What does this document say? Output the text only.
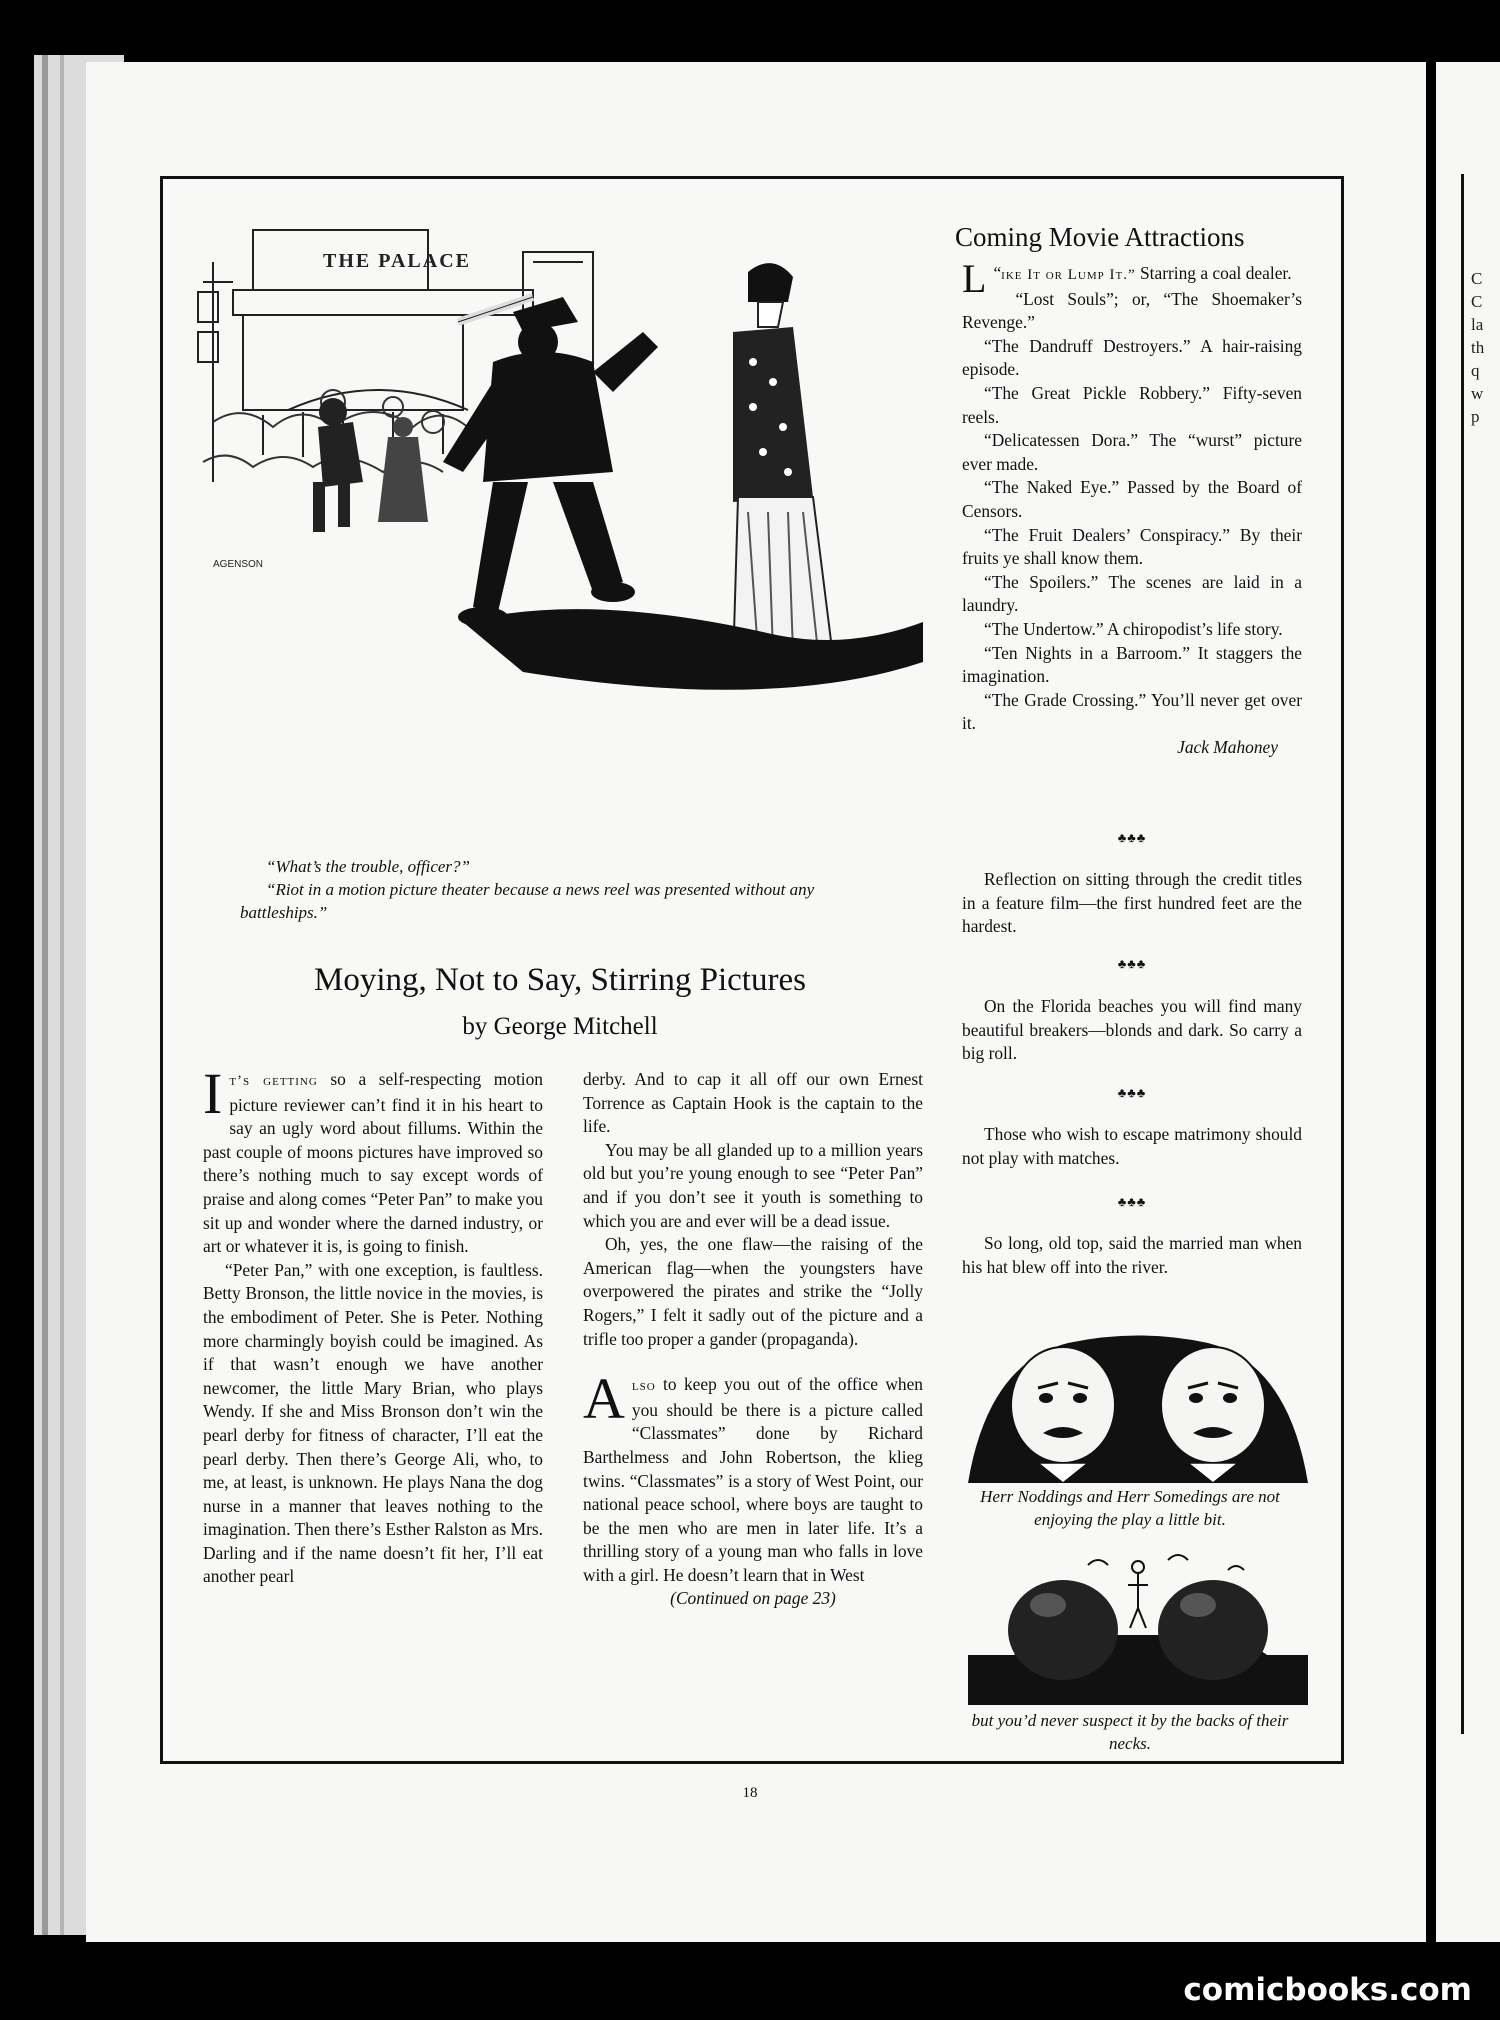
C
C
la
th
q
w
p
THE PALACE
AGENSON

“What’s the trouble, officer?”

“Riot in a motion picture theater because a news reel was presented without any battleships.”

Moying, Not to Say, Stirring Pictures
by George Mitchell

It’s getting so a self-respecting motion picture reviewer can’t find it in his heart to say an ugly word about fillums. Within the past couple of moons pictures have improved so there’s nothing much to say except words of praise and along comes “Peter Pan” to make you sit up and wonder where the darned industry, or art or whatever it is, is going to finish.

“Peter Pan,” with one exception, is faultless. Betty Bronson, the little novice in the movies, is the embodiment of Peter. She is Peter. Nothing more charmingly boyish could be imagined. As if that wasn’t enough we have another newcomer, the little Mary Brian, who plays Wendy. If she and Miss Bronson don’t win the pearl derby for fitness of character, I’ll eat the pearl derby. Then there’s George Ali, who, to me, at least, is unknown. He plays Nana the dog nurse in a manner that leaves nothing to the imagination. Then there’s Esther Ralston as Mrs. Darling and if the name doesn’t fit her, I’ll eat another pearl

derby. And to cap it all off our own Ernest Torrence as Captain Hook is the captain to the life.

You may be all glanded up to a million years old but you’re young enough to see “Peter Pan” and if you don’t see it youth is something to which you are and ever will be a dead issue.

Oh, yes, the one flaw—the raising of the American flag—when the youngsters have overpowered the pirates and strike the “Jolly Rogers,” I felt it sadly out of the picture and a trifle too proper a gander (propaganda).

Also to keep you out of the office when you should be there is a picture called “Classmates” done by Richard Barthelmess and John Robertson, the klieg twins. “Classmates” is a story of West Point, our national peace school, where boys are taught to be the men who are men in later life. It’s a thrilling story of a young man who falls in love with a girl. He doesn’t learn that in West

(Continued on page 23)

Coming Movie Attractions

“
L ike It or Lump It.” Starring a coal dealer.

“Lost Souls”; or, “The Shoemaker’s Revenge.”

“The Dandruff Destroyers.” A hair-raising episode.

“The Great Pickle Robbery.” Fifty-seven reels.

“Delicatessen Dora.” The “wurst” picture ever made.

“The Naked Eye.” Passed by the Board of Censors.

“The Fruit Dealers’ Conspiracy.” By their fruits ye shall know them.

“The Spoilers.” The scenes are laid in a laundry.

“The Undertow.” A chiropodist’s life story.

“Ten Nights in a Barroom.” It staggers the imagination.

“The Grade Crossing.” You’ll never get over it.

Jack Mahoney

♣♣♣

Reflection on sitting through the credit titles in a feature film—the first hundred feet are the hardest.

♣♣♣

On the Florida beaches you will find many beautiful breakers—blonds and dark. So carry a big roll.

♣♣♣

Those who wish to escape matrimony should not play with matches.

♣♣♣

So long, old top, said the married man when his hat blew off into the river.

Herr Noddings and Herr Somedings are not enjoying the play a little bit.
but you’d never suspect it by the backs of their necks.
18
comicbooks.com
